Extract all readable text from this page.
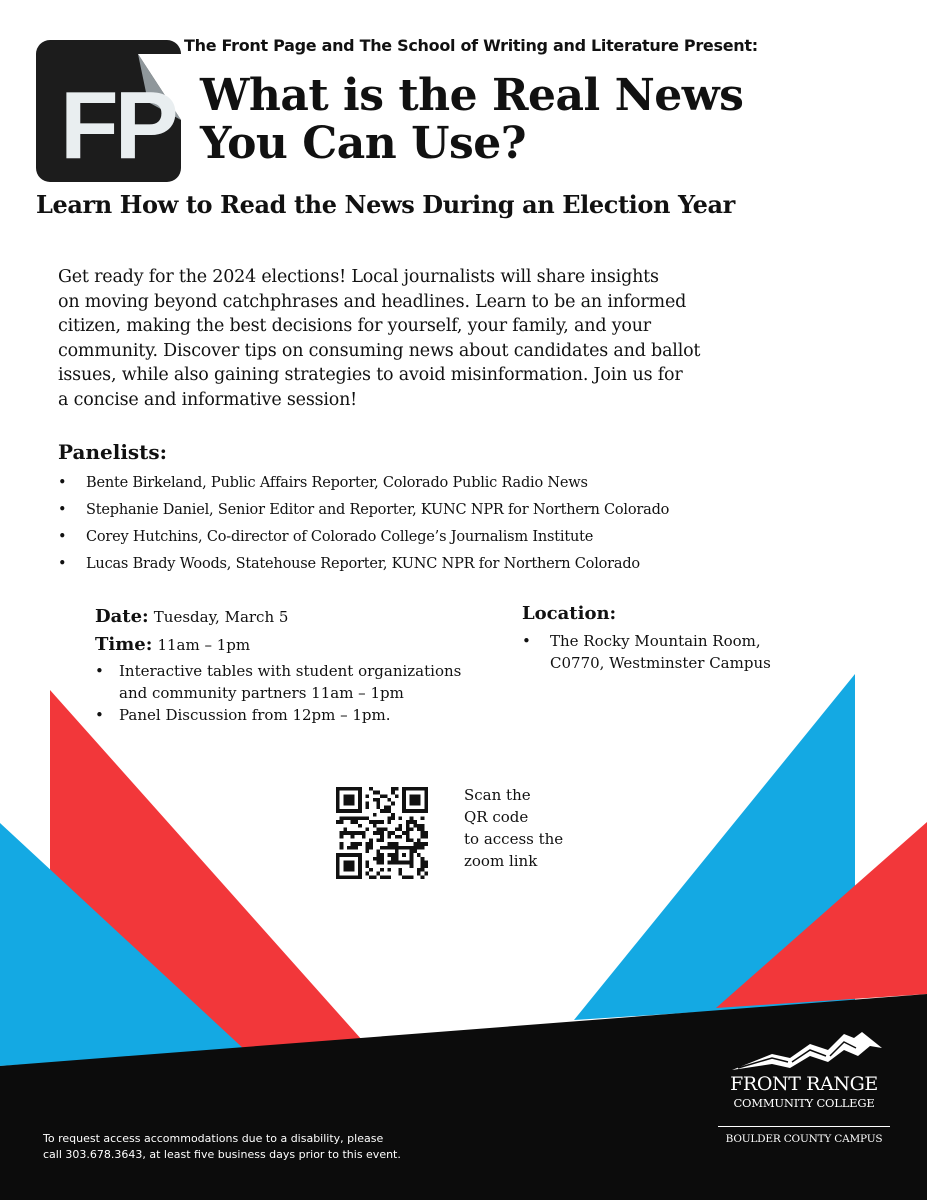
FP
The Front Page and The School of Writing and Literature Present:
What is the Real News
You Can Use?
Learn How to Read the News During an Election Year
Get ready for the 2024 elections! Local journalists will share insights
on moving beyond catchphrases and headlines. Learn to be an informed
citizen, making the best decisions for yourself, your family, and your
community. Discover tips on consuming news about candidates and ballot
issues, while also gaining strategies to avoid misinformation. Join us for
a concise and informative session!
Panelists:
• Bente Birkeland, Public Affairs Reporter, Colorado Public Radio News
• Stephanie Daniel, Senior Editor and Reporter, KUNC NPR for Northern Colorado
• Corey Hutchins, Co-director of Colorado College’s Journalism Institute
• Lucas Brady Woods, Statehouse Reporter, KUNC NPR for Northern Colorado
Date: Tuesday, March 5
Time: 11am – 1pm
• Interactive tables with student organizations
and community partners 11am – 1pm
• Panel Discussion from 12pm – 1pm.
Location:
• The Rocky Mountain Room,
C0770, Westminster Campus
Scan the
QR code
to access the
zoom link
To request access accommodations due to a disability, please
call 303.678.3643, at least five business days prior to this event.
FRONT RANGE
COMMUNITY COLLEGE
BOULDER COUNTY CAMPUS
